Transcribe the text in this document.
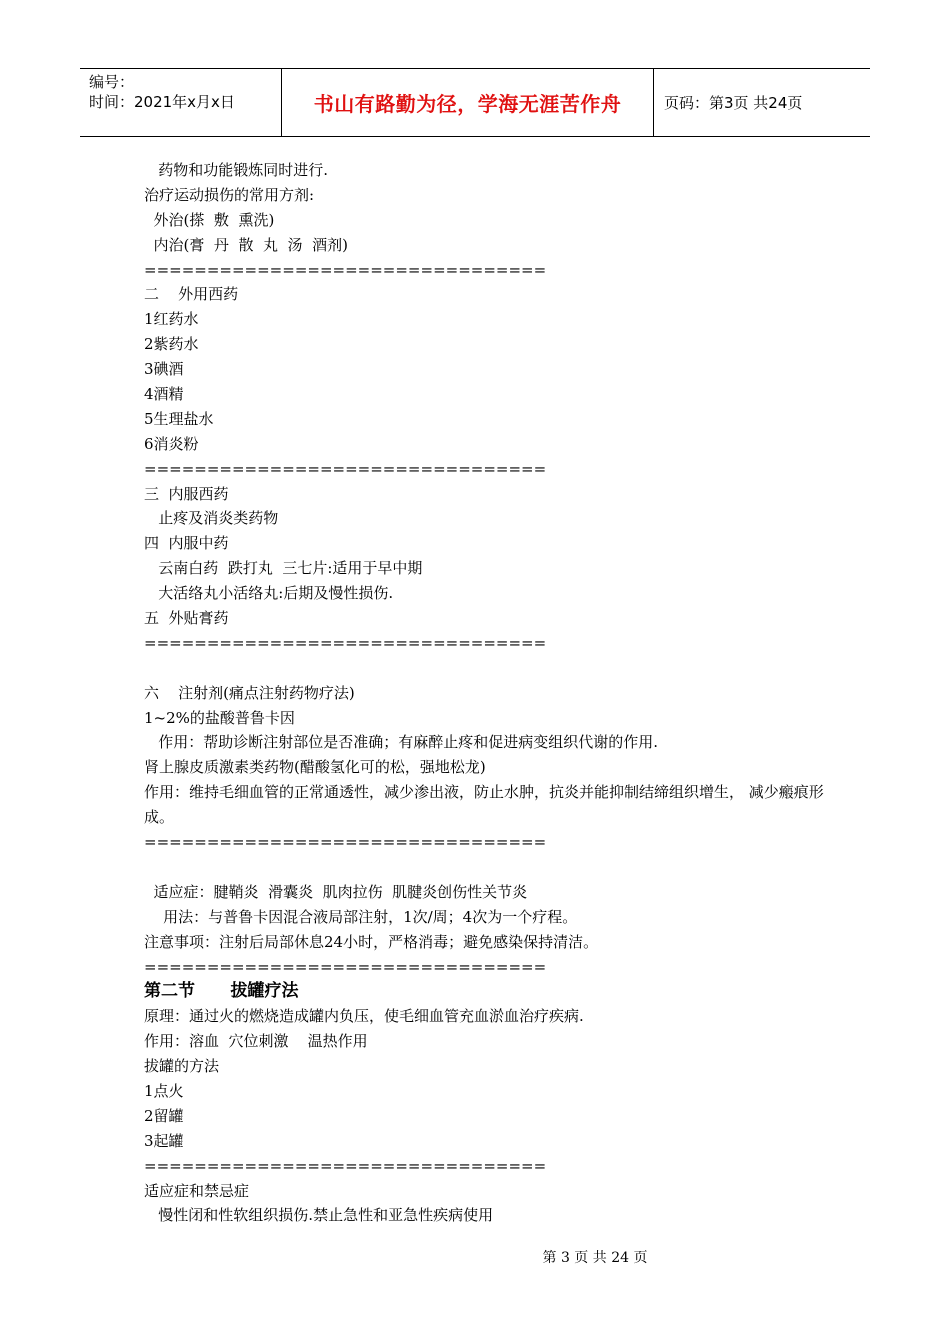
编号：
时间：2021年x月x日	书山有路勤为径，学海无涯苦作舟	页码：第3页 共24页
药物和功能锻炼同时进行.
治疗运动损伤的常用方剂:
外治(搽  敷  熏洗)
内治(膏  丹  散  丸  汤  酒剂)
================================
二    外用西药
1红药水
2紫药水
3碘酒
4酒精
5生理盐水
6消炎粉
================================
三  内服西药
止疼及消炎类药物
四  内服中药
云南白药  跌打丸  三七片:适用于早中期
大活络丸小活络丸:后期及慢性损伤.
五  外贴膏药
================================
六    注射剂(痛点注射药物疗法)
1~2%的盐酸普鲁卡因
作用：帮助诊断注射部位是否准确；有麻醉止疼和促进病变组织代谢的作用.
肾上腺皮质激素类药物(醋酸氢化可的松，强地松龙)
作用：维持毛细血管的正常通透性，减少渗出液，防止水肿，抗炎并能抑制结缔组织增生， 减少瘢痕形成。
================================
适应症：腱鞘炎  滑囊炎  肌肉拉伤  肌腱炎创伤性关节炎
用法：与普鲁卡因混合液局部注射，1次/周；4次为一个疗程。
注意事项：注射后局部休息24小时，严格消毒；避免感染保持清洁。
================================
第二节      拔罐疗法
原理：通过火的燃烧造成罐内负压，使毛细血管充血淤血治疗疾病.
作用：溶血  穴位刺激    温热作用
拔罐的方法
1点火
2留罐
3起罐
================================
适应症和禁忌症
慢性闭和性软组织损伤.禁止急性和亚急性疾病使用
第 3 页 共 24 页
